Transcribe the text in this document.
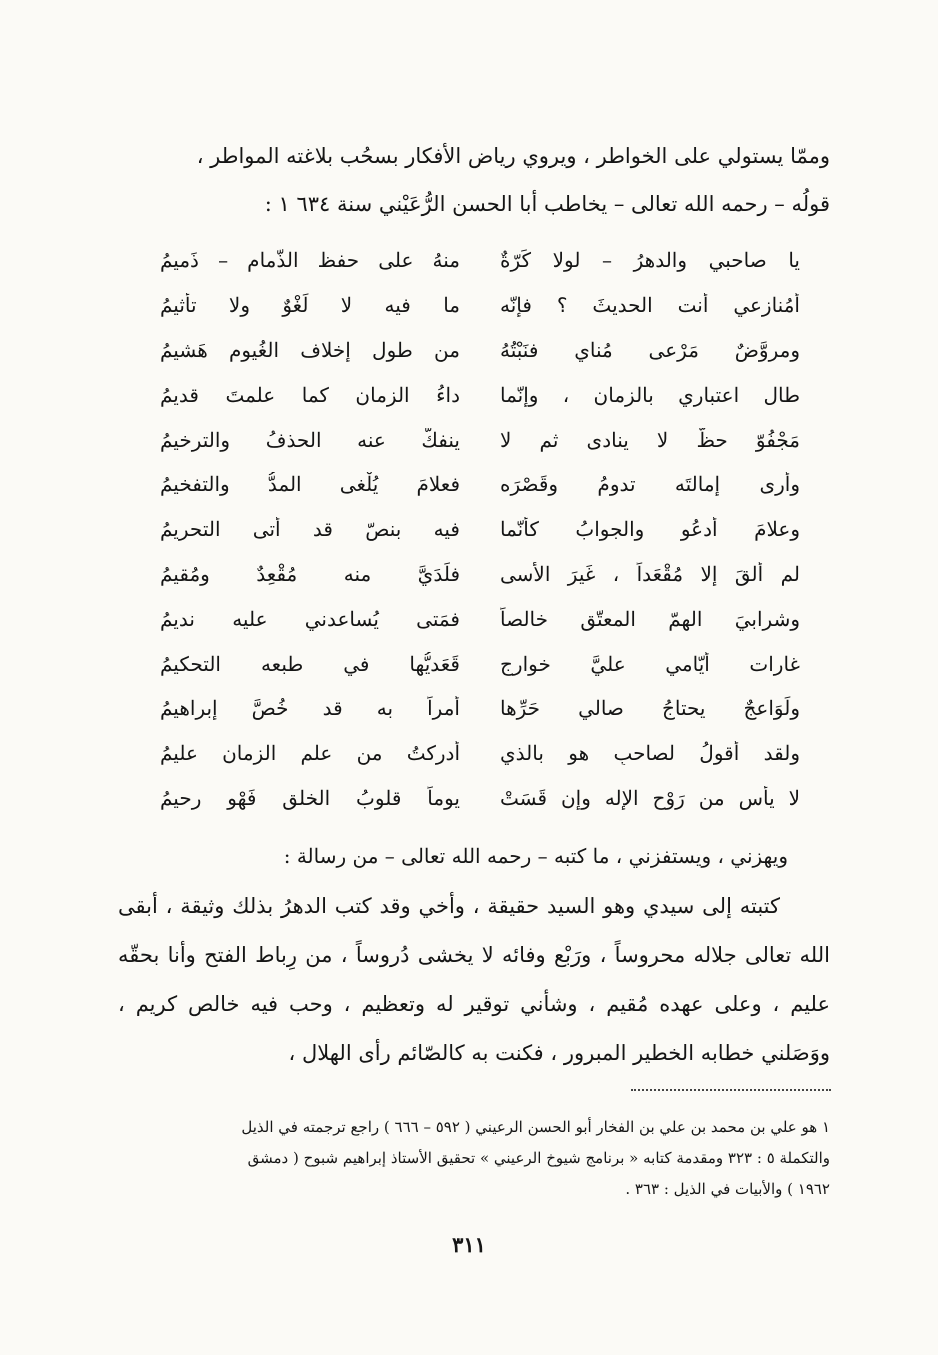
وممّا يستولي على الخواطر ، ويروي رياض الأفكار بسحُب بلاغته المواطر ،

قولُه – رحمه الله تعالى – يخاطب أبا الحسن الرُّعَيْني سنة ٦٣٤ ١ :

يا صاحبي والدهرُ – لولا كَرّةٌ
منهُ على حفظ الذّمام – ذَميمُ
أمُنازِعي أنت الحديثَ ؟ فإنّه
ما فيه لا لَغْوٌ ولا تأثيمُ
ومروَّضٌ مَرْعى مُناي فنَبْتُهُ
من طول إخلاف الغُيوم هَشيمُ
طال اعتباري بالزمان ، وإنّما
داءُ الزمان كما علمتَ قديمُ
مَجْفُوّ حظّ لا ينادى ثم لا
ينفكّ عنه الحذفُ والترخيمُ
وأرى إمالتَه تدومُ وقَصْرَه
فعلامَ يُلْغى المدُّ والتفخيمُ
وعلامَ أدعُو والجوابُ كأنّما
فيه بنصّ قد أتى التحريمُ
لم ألقَ إلا مُقْعَداً ، غَيرَ الأسى
فلَدَيَّ منه مُقْعِدٌ ومُقيمُ
وشرابيَ الهمّ المعتّق خالصاً
فمَتى يُساعدني عليه نديمُ
غارات أيّامي عليَّ خوارج
قَعَديُّها في طبعه التحكيمُ
ولَوَاعجٌ يحتاجُ صالي حَرِّها
أمراً به قد خُصَّ إبراهيمُ
ولقد أقولُ لصاحبٍ هو بالذي
أدركتُ من علم الزمان عليمُ
لا يأس من رَوْح الإله وإن قَسَتْ
يوماً قلوبُ الخلق فَهْو رحيمُ
ويهزني ، ويستفزني ، ما كتبه – رحمه الله تعالى – من رسالة :

كتبته إلى سيدي وهو السيد حقيقة ، وأخي وقد كتب الدهرُ بذلك وثيقة ، أبقى الله تعالى جلاله محروساً ، ورَبْع وفائه لا يخشى دُروساً ، من رِباط الفتح وأنا بحقّه عليم ، وعلى عهده مُقيم ، وشأني توقير له وتعظيم ، وحب فيه خالص كريم ، ووَصَلني خطابه الخطير المبرور ، فكنت به كالصّائم رأى الهلال ،

١ هو علي بن محمد بن علي بن الفخار أبو الحسن الرعيني ( ٥٩٢ – ٦٦٦ ) راجع ترجمته في الذيل

والتكملة ٥ : ٣٢٣ ومقدمة كتابه « برنامج شيوخ الرعيني » تحقيق الأستاذ إبراهيم شبوح ( دمشق

١٩٦٢ ) والأبيات في الذيل : ٣٦٣ .

٣١١
